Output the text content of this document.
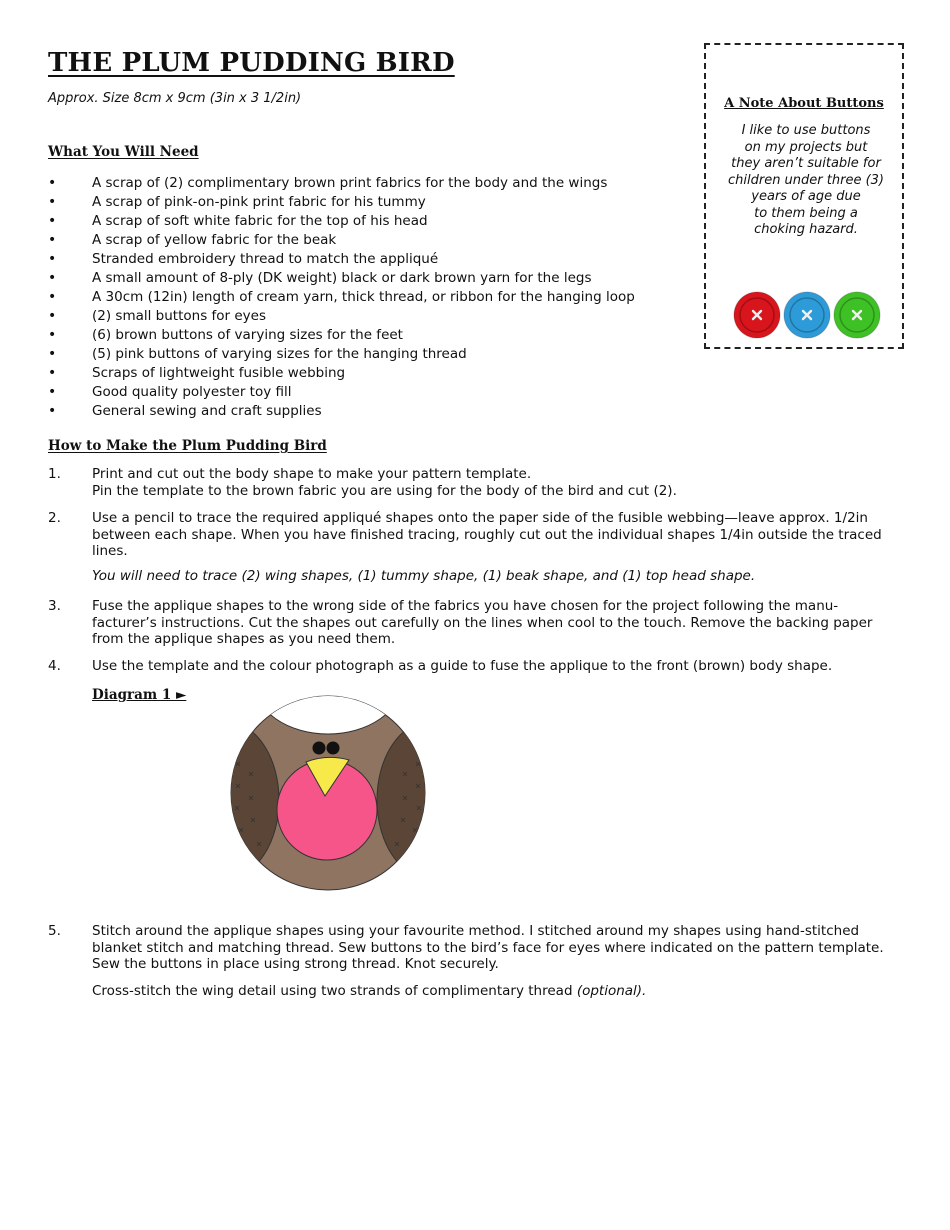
THE PLUM PUDDING BIRD
Approx. Size 8cm x 9cm (3in x 3 1/2in)
What You Will Need
• A scrap of (2) complimentary brown print fabrics for the body and the wings
• A scrap of pink-on-pink print fabric for his tummy
• A scrap of soft white fabric for the top of his head
• A scrap of yellow fabric for the beak
• Stranded embroidery thread to match the appliqué
• A small amount of 8-ply (DK weight) black or dark brown yarn for the legs
• A 30cm (12in) length of cream yarn, thick thread, or ribbon for the hanging loop
• (2) small buttons for eyes
• (6) brown buttons of varying sizes for the feet
• (5) pink buttons of varying sizes for the hanging thread
• Scraps of lightweight fusible webbing
• Good quality polyester toy fill
• General sewing and craft supplies
How to Make the Plum Pudding Bird
1. Print and cut out the body shape to make your pattern template.

Pin the template to the brown fabric you are using for the body of the bird and cut (2).

2. Use a pencil to trace the required appliqué shapes onto the paper side of the fusible webbing—leave approx. 1/2in

between each shape. When you have finished tracing, roughly cut out the individual shapes 1/4in outside the traced

lines.

You will need to trace (2) wing shapes, (1) tummy shape, (1) beak shape, and (1) top head shape.

3. Fuse the applique shapes to the wrong side of the fabrics you have chosen for the project following the manu-

facturer’s instructions. Cut the shapes out carefully on the lines when cool to the touch. Remove the backing paper

from the applique shapes as you need them.

4. Use the template and the colour photograph as a guide to fuse the applique to the front (brown) body shape.

Diagram 1 ►
5. Stitch around the applique shapes using your favourite method. I stitched around my shapes using hand-stitched

blanket stitch and matching thread. Sew buttons to the bird’s face for eyes where indicated on the pattern template.

Sew the buttons in place using strong thread. Knot securely.

Cross-stitch the wing detail using two strands of complimentary thread (optional).

A Note About Buttons
I like to use buttons
on my projects but
they aren’t suitable for
children under three (3)
years of age due
to them being a
choking hazard.
